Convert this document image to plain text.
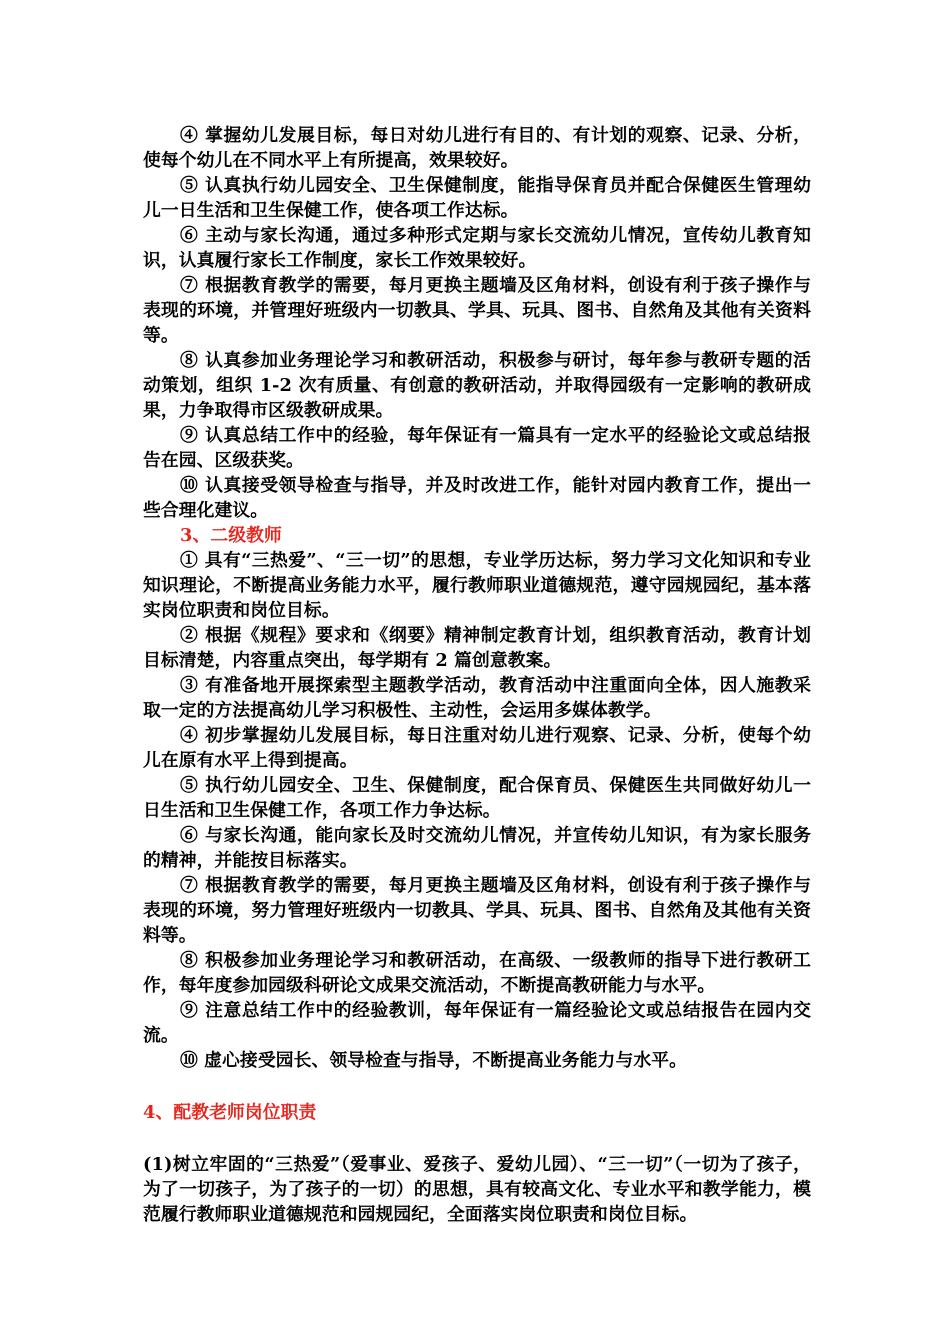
④ 掌握幼儿发展目标，每日对幼儿进行有目的、有计划的观察、记录、分析，使每个幼儿在不同水平上有所提高，效果较好。

⑤ 认真执行幼儿园安全、卫生保健制度，能指导保育员并配合保健医生管理幼儿一日生活和卫生保健工作，使各项工作达标。

⑥ 主动与家长沟通，通过多种形式定期与家长交流幼儿情况，宣传幼儿教育知识，认真履行家长工作制度，家长工作效果较好。

⑦ 根据教育教学的需要，每月更换主题墙及区角材料，创设有利于孩子操作与表现的环境，并管理好班级内一切教具、学具、玩具、图书、自然角及其他有关资料等。

⑧ 认真参加业务理论学习和教研活动，积极参与研讨，每年参与教研专题的活动策划，组织 1-2 次有质量、有创意的教研活动，并取得园级有一定影响的教研成果，力争取得市区级教研成果。

⑨ 认真总结工作中的经验，每年保证有一篇具有一定水平的经验论文或总结报告在园、区级获奖。

⑩ 认真接受领导检查与指导，并及时改进工作，能针对园内教育工作，提出一些合理化建议。

3、二级教师

① 具有“三热爱”、“三一切”的思想，专业学历达标，努力学习文化知识和专业知识理论，不断提高业务能力水平，履行教师职业道德规范，遵守园规园纪，基本落实岗位职责和岗位目标。

② 根据《规程》要求和《纲要》精神制定教育计划，组织教育活动，教育计划目标清楚，内容重点突出，每学期有 2 篇创意教案。

③ 有准备地开展探索型主题教学活动，教育活动中注重面向全体，因人施教采取一定的方法提高幼儿学习积极性、主动性，会运用多媒体教学。

④ 初步掌握幼儿发展目标，每日注重对幼儿进行观察、记录、分析，使每个幼儿在原有水平上得到提高。

⑤ 执行幼儿园安全、卫生、保健制度，配合保育员、保健医生共同做好幼儿一日生活和卫生保健工作，各项工作力争达标。

⑥ 与家长沟通，能向家长及时交流幼儿情况，并宣传幼儿知识，有为家长服务的精神，并能按目标落实。

⑦ 根据教育教学的需要，每月更换主题墙及区角材料，创设有利于孩子操作与表现的环境，努力管理好班级内一切教具、学具、玩具、图书、自然角及其他有关资料等。

⑧ 积极参加业务理论学习和教研活动，在高级、一级教师的指导下进行教研工作，每年度参加园级科研论文成果交流活动，不断提高教研能力与水平。

⑨ 注意总结工作中的经验教训，每年保证有一篇经验论文或总结报告在园内交流。

⑩ 虚心接受园长、领导检查与指导，不断提高业务能力与水平。

4、配教老师岗位职责

(1)树立牢固的“三热爱”（爱事业、爱孩子、爱幼儿园）、“三一切”（一切为了孩子，为了一切孩子，为了孩子的一切）的思想，具有较高文化、专业水平和教学能力，模范履行教师职业道德规范和园规园纪，全面落实岗位职责和岗位目标。
